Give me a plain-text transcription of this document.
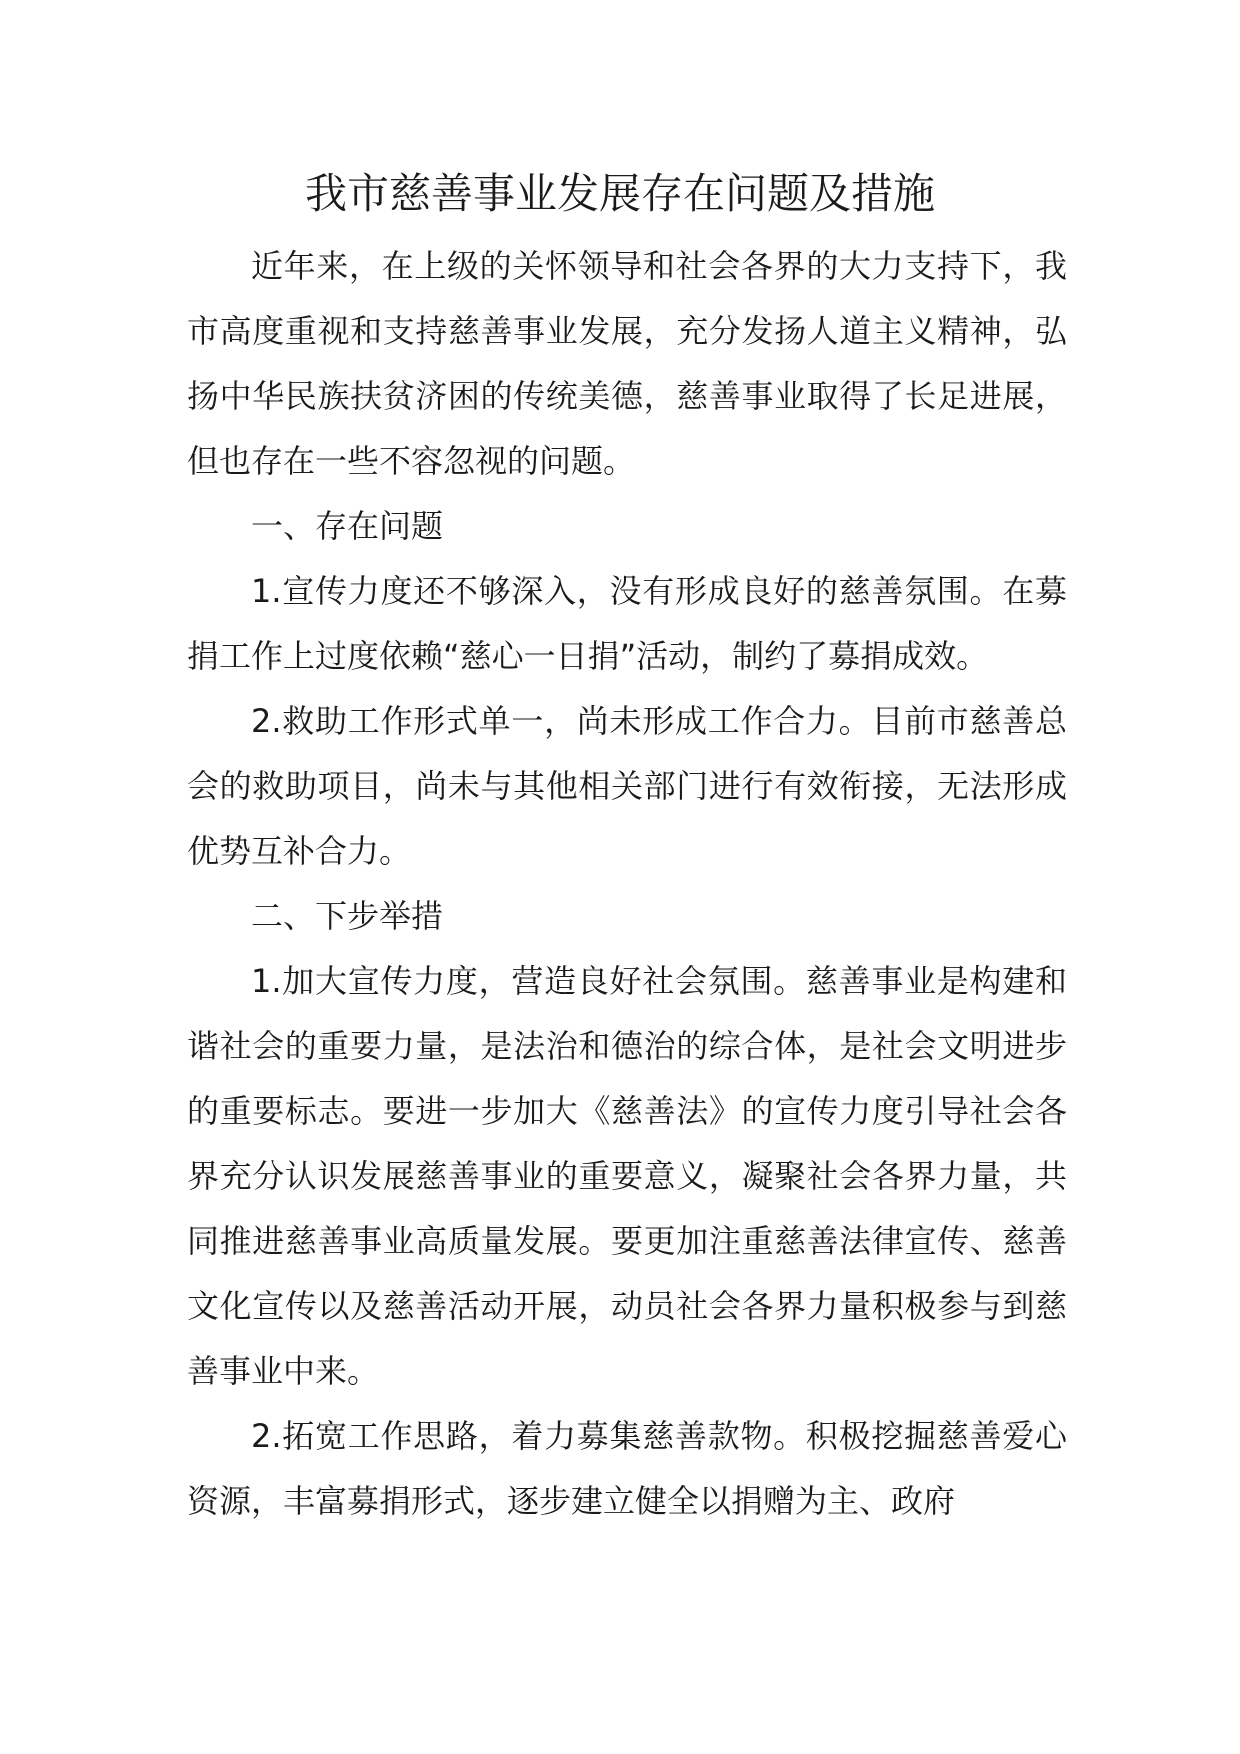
我市慈善事业发展存在问题及措施

近年来，在上级的关怀领导和社会各界的大力支持下，我市高度重视和支持慈善事业发展，充分发扬人道主义精神，弘扬中华民族扶贫济困的传统美德，慈善事业取得了长足进展，但也存在一些不容忽视的问题。

一、存在问题

1.宣传力度还不够深入，没有形成良好的慈善氛围。在募捐工作上过度依赖“慈心一日捐”活动，制约了募捐成效。

2.救助工作形式单一，尚未形成工作合力。目前市慈善总会的救助项目，尚未与其他相关部门进行有效衔接，无法形成优势互补合力。

二、下步举措

1.加大宣传力度，营造良好社会氛围。慈善事业是构建和谐社会的重要力量，是法治和德治的综合体，是社会文明进步的重要标志。要进一步加大《慈善法》的宣传力度引导社会各界充分认识发展慈善事业的重要意义，凝聚社会各界力量，共同推进慈善事业高质量发展。要更加注重慈善法律宣传、慈善文化宣传以及慈善活动开展，动员社会各界力量积极参与到慈善事业中来。

2.拓宽工作思路，着力募集慈善款物。积极挖掘慈善爱心资源，丰富募捐形式，逐步建立健全以捐赠为主、政府
